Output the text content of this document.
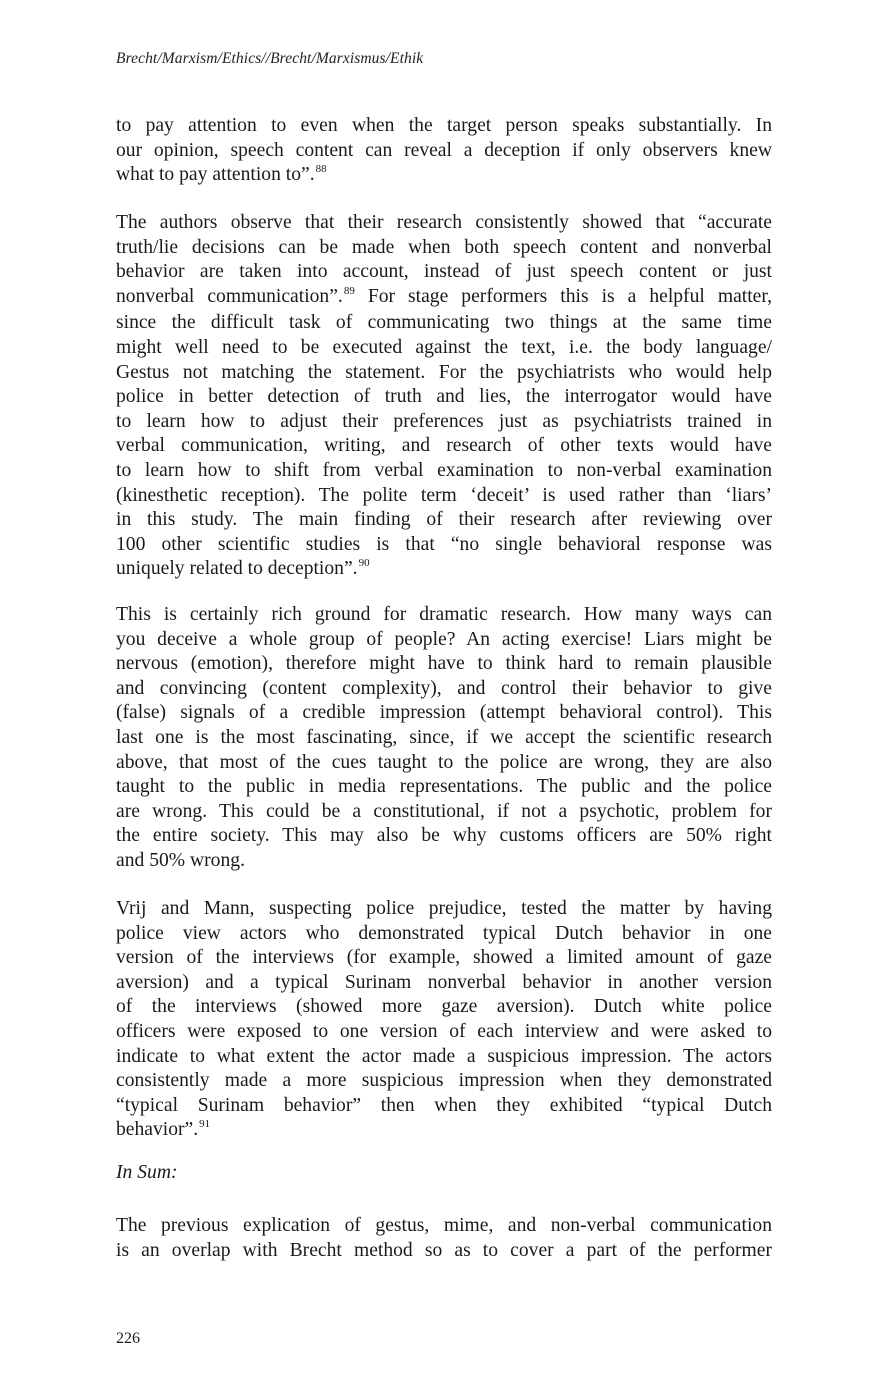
Brecht/Marxism/Ethics//Brecht/Marxismus/Ethik
to pay attention to even when the target person speaks substantially. In
our opinion, speech content can reveal a deception if only observers knew
what to pay attention to”.$^{88}$
The authors observe that their research consistently showed that “accurate
truth/lie decisions can be made when both speech content and nonverbal
behavior are taken into account, instead of just speech content or just
nonverbal communication”.$^{89}$ For stage performers this is a helpful matter,
since the difficult task of communicating two things at the same time
might well need to be executed against the text, i.e. the body language/
Gestus not matching the statement. For the psychiatrists who would help
police in better detection of truth and lies, the interrogator would have
to learn how to adjust their preferences just as psychiatrists trained in
verbal communication, writing, and research of other texts would have
to learn how to shift from verbal examination to non-verbal examination
(kinesthetic reception). The polite term ‘deceit’ is used rather than ‘liars’
in this study. The main finding of their research after reviewing over
100 other scientific studies is that “no single behavioral response was
uniquely related to deception”.$^{90}$
This is certainly rich ground for dramatic research. How many ways can
you deceive a whole group of people? An acting exercise! Liars might be
nervous (emotion), therefore might have to think hard to remain plausible
and convincing (content complexity), and control their behavior to give
(false) signals of a credible impression (attempt behavioral control). This
last one is the most fascinating, since, if we accept the scientific research
above, that most of the cues taught to the police are wrong, they are also
taught to the public in media representations. The public and the police
are wrong. This could be a constitutional, if not a psychotic, problem for
the entire society. This may also be why customs officers are 50% right
and 50% wrong.
Vrij and Mann, suspecting police prejudice, tested the matter by having
police view actors who demonstrated typical Dutch behavior in one
version of the interviews (for example, showed a limited amount of gaze
aversion) and a typical Surinam nonverbal behavior in another version
of the interviews (showed more gaze aversion). Dutch white police
officers were exposed to one version of each interview and were asked to
indicate to what extent the actor made a suspicious impression. The actors
consistently made a more suspicious impression when they demonstrated
“typical Surinam behavior” then when they exhibited “typical Dutch
behavior”.$^{91}$
In Sum:
The previous explication of gestus, mime, and non-verbal communication
is an overlap with Brecht method so as to cover a part of the performer
226
